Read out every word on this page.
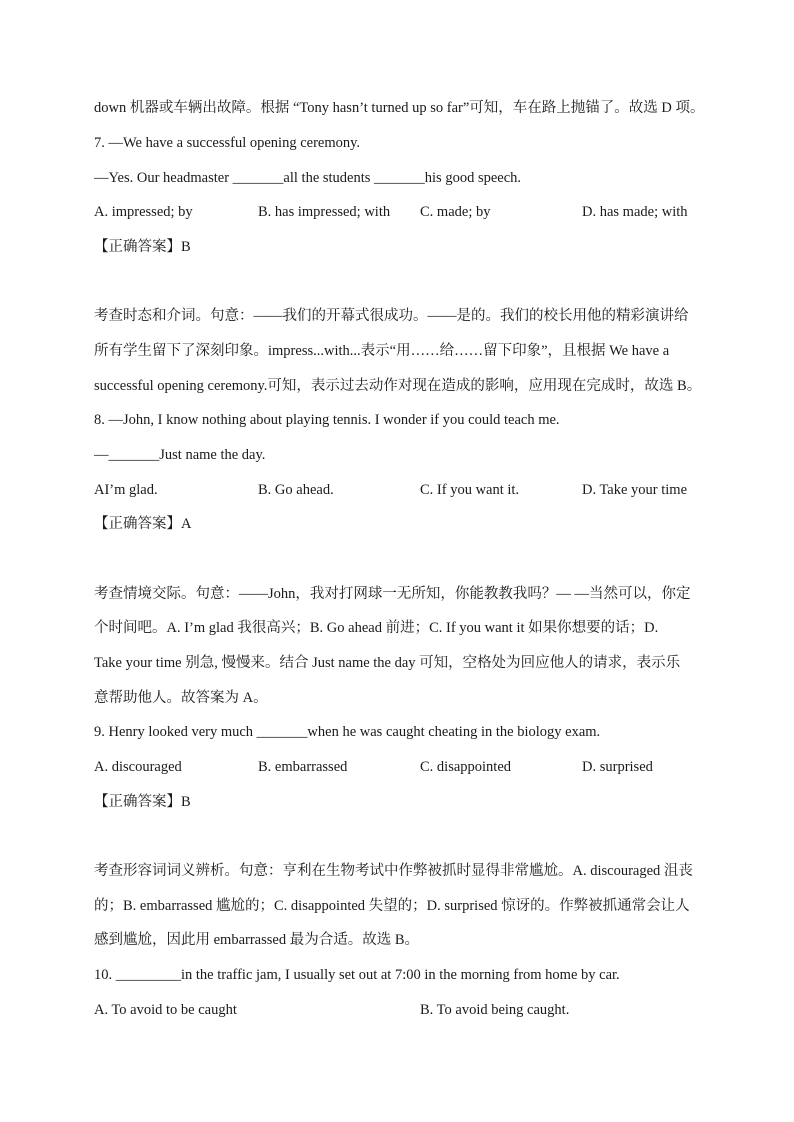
down 机器或车辆出故障。根据 “Tony hasn’t turned up so far”可知，车在路上抛锚了。故选 D 项。
7. —We have a successful opening ceremony.
—Yes. Our headmaster _______all the students _______his good speech.
A. impressed; by	B. has impressed; with C. made; by	D. has made; with
【正确答案】B
考查时态和介词。句意：——我们的开幕式很成功。——是的。我们的校长用他的精彩演讲给
所有学生留下了深刻印象。impress...with...表示“用……给……留下印象”，且根据 We have a
successful opening ceremony.可知，表示过去动作对现在造成的影响，应用现在完成时，故选 B。
8. —John, I know nothing about playing tennis. I wonder if you could teach me.
—_______Just name the day.
AI’m glad.	B. Go ahead.	C. If you want it.	D. Take your time
【正确答案】A
考查情境交际。句意：——John，我对打网球一无所知，你能教教我吗？— —当然可以，你定
个时间吧。A. I’m glad 我很高兴；B. Go ahead 前进；C. If you want it 如果你想要的话；D.
Take your time 别急, 慢慢来。结合 Just name the day 可知，空格处为回应他人的请求，表示乐
意帮助他人。故答案为 A。
9. Henry looked very much _______when he was caught cheating in the biology exam.
A. discouraged	B. embarrassed	C. disappointed	D. surprised
【正确答案】B
考查形容词词义辨析。句意：亨利在生物考试中作弊被抓时显得非常尴尬。A. discouraged 沮丧
的；B. embarrassed 尴尬的；C. disappointed 失望的；D. surprised 惊讶的。作弊被抓通常会让人
感到尴尬，因此用 embarrassed 最为合适。故选 B。
10. _________in the traffic jam, I usually set out at 7:00 in the morning from home by car.
A. To avoid to be caught	B. To avoid being caught.
